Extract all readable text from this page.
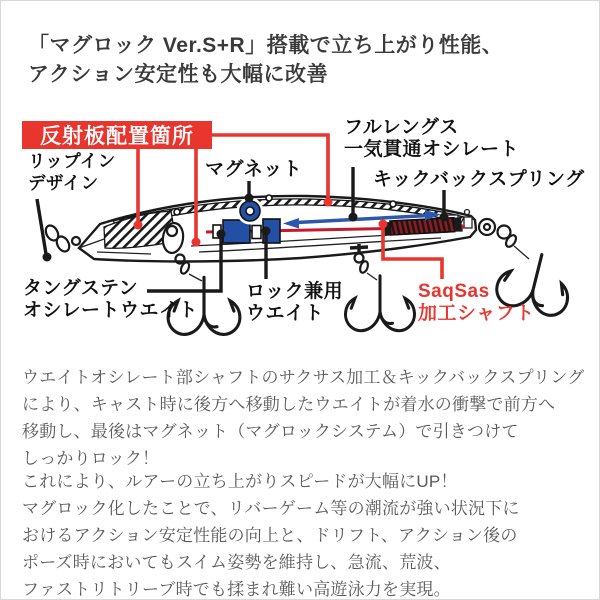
「マグロック Ver.S+R」搭載で立ち上がり性能、
アクション安定性も大幅に改善
反射板配置箇所
リップイン
デザイン
マグネット
フルレングス
一気貫通オシレート
キックバックスプリング
タングステン
オシレートウエイト
ロック兼用
ウエイト
SaqSas
加工シャフト
ウエイトオシレート部シャフトのサクサス加工＆キックバックスプリング
により、キャスト時に後方へ移動したウエイトが着水の衝撃で前方へ
移動し、最後はマグネット（マグロックシステム）で引きつけて
しっかりロック！
これにより、ルアーの立ち上がりスピードが大幅にUP！
マグロック化したことで、リバーゲーム等の潮流が強い状況下に
おけるアクション安定性能の向上と、ドリフト、アクション後の
ポーズ時においてもスイム姿勢を維持し、急流、荒波、
ファストリトリーブ時でも揉まれ難い高遊泳力を実現。
